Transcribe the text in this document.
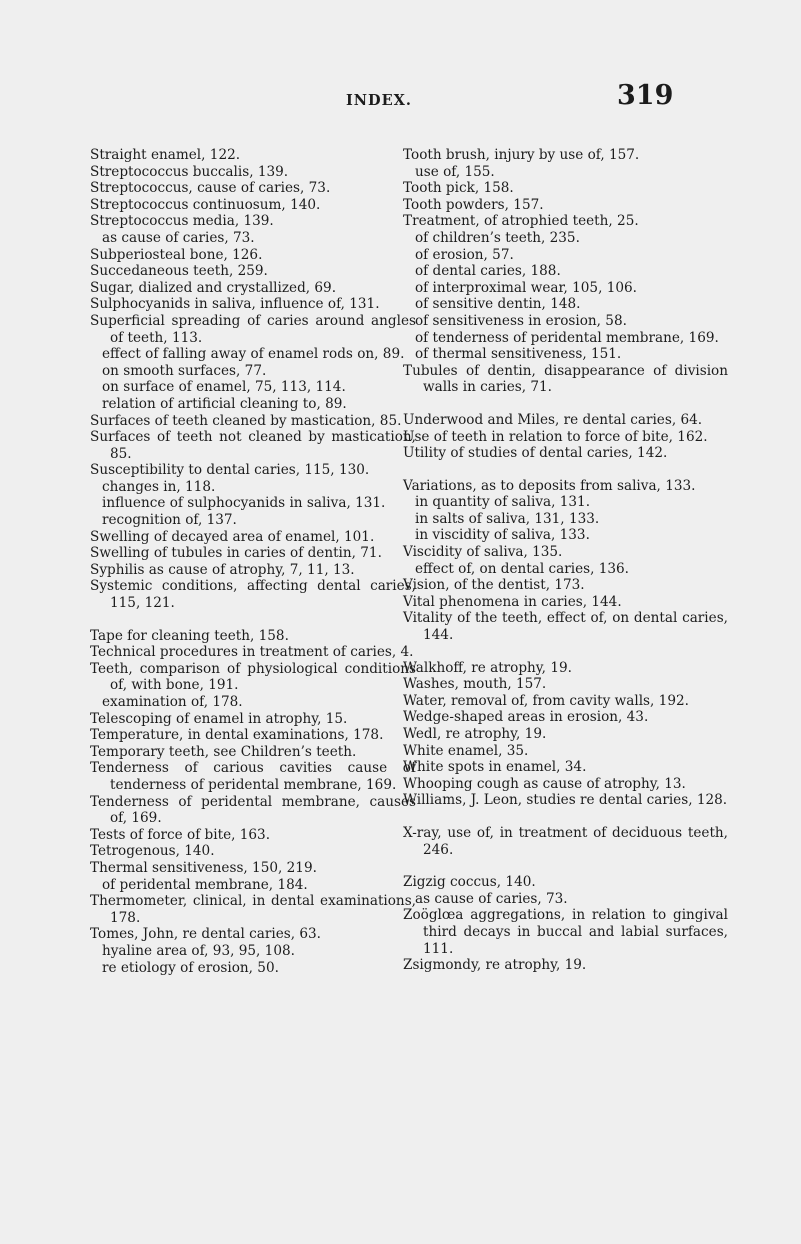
INDEX.	319

Straight enamel, 122.

Streptococcus buccalis, 139.

Streptococcus, cause of caries, 73.

Streptococcus continuosum, 140.

Streptococcus media, 139.

as cause of caries, 73.

Subperiosteal bone, 126.

Succedaneous teeth, 259.

Sugar, dialized and crystallized, 69.

Sulphocyanids in saliva, influence of, 131.

Superficial spreading of caries around angles of teeth, 113.

effect of falling away of enamel rods on, 89.

on smooth surfaces, 77.

on surface of enamel, 75, 113, 114.

relation of artificial cleaning to, 89.

Surfaces of teeth cleaned by mastication, 85.

Surfaces of teeth not cleaned by mastication, 85.

Susceptibility to dental caries, 115, 130.

changes in, 118.

influence of sulphocyanids in saliva, 131.

recognition of, 137.

Swelling of decayed area of enamel, 101.

Swelling of tubules in caries of dentin, 71.

Syphilis as cause of atrophy, 7, 11, 13.

Systemic conditions, affecting dental caries, 115, 121.

Tape for cleaning teeth, 158.

Technical procedures in treatment of caries, 4.

Teeth, comparison of physiological conditions of, with bone, 191.

examination of, 178.

Telescoping of enamel in atrophy, 15.

Temperature, in dental examinations, 178.

Temporary teeth, see Children’s teeth.

Tenderness of carious cavities cause of tenderness of peridental membrane, 169.

Tenderness of peridental membrane, causes of, 169.

Tests of force of bite, 163.

Tetrogenous, 140.

Thermal sensitiveness, 150, 219.

of peridental membrane, 184.

Thermometer, clinical, in dental examinations, 178.

Tomes, John, re dental caries, 63.

hyaline area of, 93, 95, 108.

re etiology of erosion, 50.

Tooth brush, injury by use of, 157.

use of, 155.

Tooth pick, 158.

Tooth powders, 157.

Treatment, of atrophied teeth, 25.

of children’s teeth, 235.

of erosion, 57.

of dental caries, 188.

of interproximal wear, 105, 106.

of sensitive dentin, 148.

of sensitiveness in erosion, 58.

of tenderness of peridental membrane, 169.

of thermal sensitiveness, 151.

Tubules of dentin, disappearance of division walls in caries, 71.

Underwood and Miles, re dental caries, 64.

Use of teeth in relation to force of bite, 162.

Utility of studies of dental caries, 142.

Variations, as to deposits from saliva, 133.

in quantity of saliva, 131.

in salts of saliva, 131, 133.

in viscidity of saliva, 133.

Viscidity of saliva, 135.

effect of, on dental caries, 136.

Vision, of the dentist, 173.

Vital phenomena in caries, 144.

Vitality of the teeth, effect of, on dental caries, 144.

Walkhoff, re atrophy, 19.

Washes, mouth, 157.

Water, removal of, from cavity walls, 192.

Wedge-shaped areas in erosion, 43.

Wedl, re atrophy, 19.

White enamel, 35.

White spots in enamel, 34.

Whooping cough as cause of atrophy, 13.

Williams, J. Leon, studies re dental caries, 128.

X-ray, use of, in treatment of deciduous teeth, 246.

Zigzig coccus, 140.

as cause of caries, 73.

Zoöglœa aggregations, in relation to gingival third decays in buccal and labial surfaces, 111.

Zsigmondy, re atrophy, 19.
